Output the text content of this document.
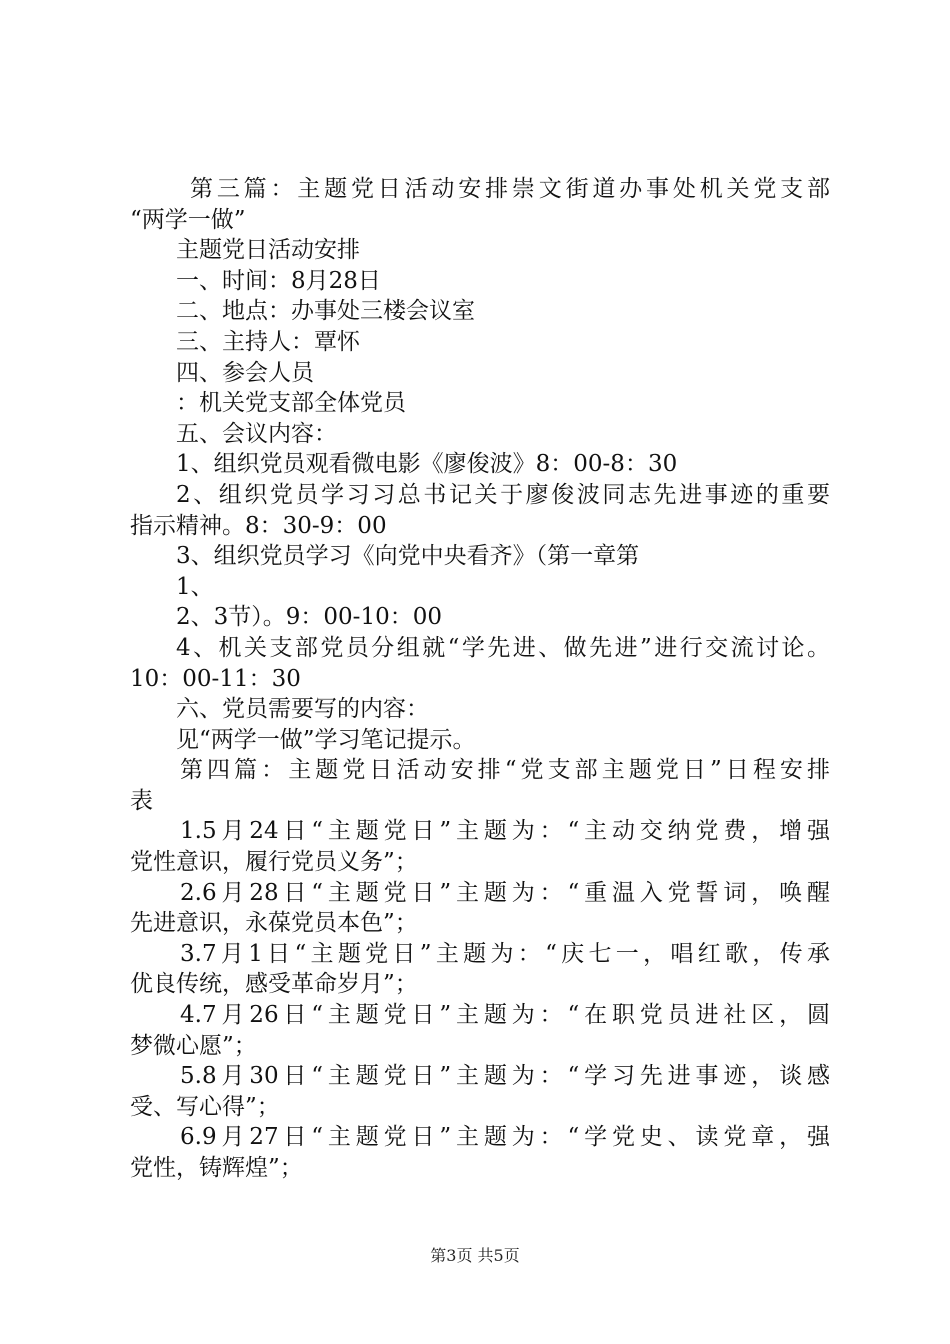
第三篇：主题党日活动安排崇文街道办事处机关党支部
“两学一做”
主题党日活动安排
一、时间：8月28日
二、地点：办事处三楼会议室
三、主持人：覃怀
四、参会人员
：机关党支部全体党员
五、会议内容：
1、组织党员观看微电影《廖俊波》8：00-8：30
2、组织党员学习习总书记关于廖俊波同志先进事迹的重要
指示精神。8：30-9：00
3、组织党员学习《向党中央看齐》（第一章第
1、
2、3节）。9：00-10：00
4、机关支部党员分组就“学先进、做先进”进行交流讨论。
10：00-11：30
六、党员需要写的内容：
见“两学一做”学习笔记提示。
第四篇：主题党日活动安排“党支部主题党日”日程安排
表
1.5月24日“主题党日”主题为：“主动交纳党费，增强
党性意识，履行党员义务”；
2.6月28日“主题党日”主题为：“重温入党誓词，唤醒
先进意识，永葆党员本色”；
3.7月1日“主题党日”主题为：“庆七一，唱红歌，传承
优良传统，感受革命岁月”；
4.7月26日“主题党日”主题为：“在职党员进社区，圆
梦微心愿”；
5.8月30日“主题党日”主题为：“学习先进事迹，谈感
受、写心得”；
6.9月27日“主题党日”主题为：“学党史、读党章，强
党性，铸辉煌”；
第3页 共5页
